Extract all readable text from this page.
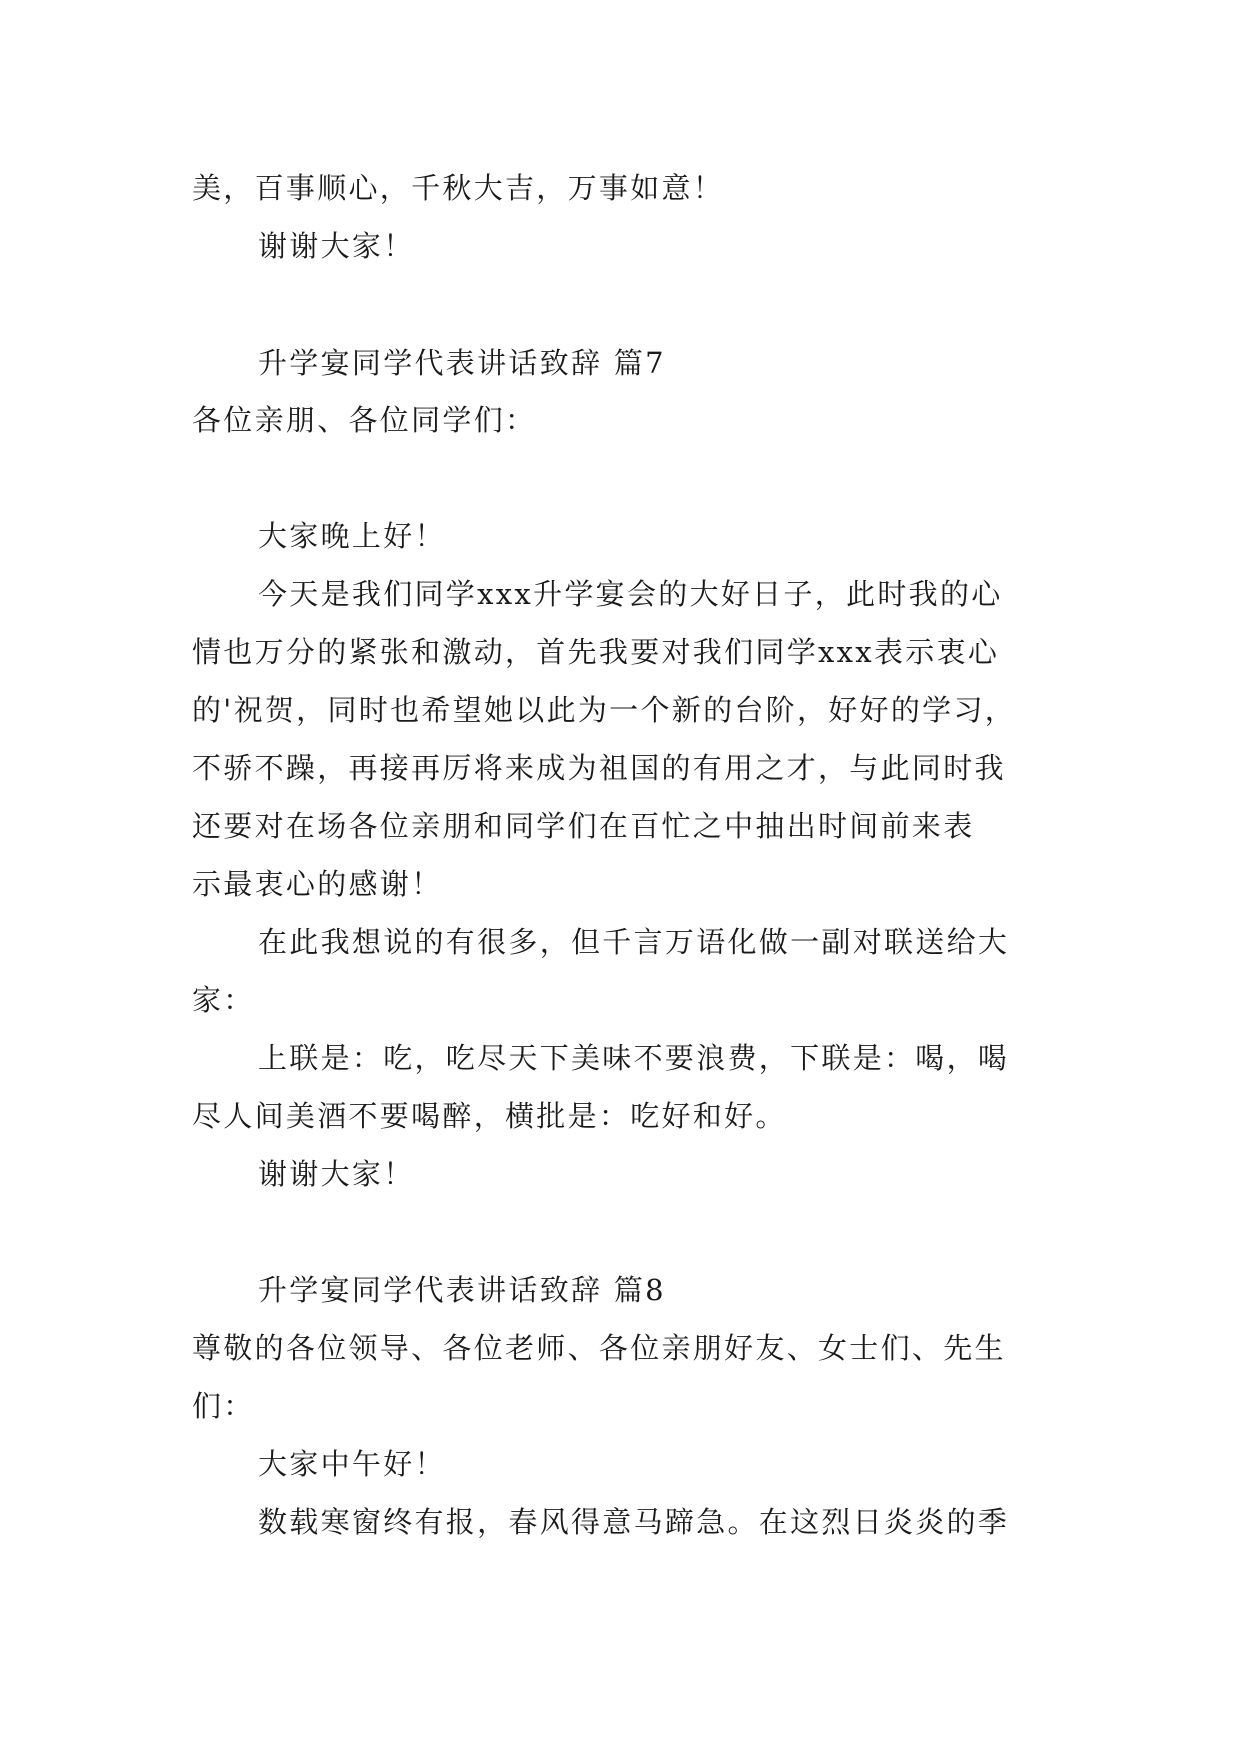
美，百事顺心，千秋大吉，万事如意！
谢谢大家！
升学宴同学代表讲话致辞 篇7
各位亲朋、各位同学们：
大家晚上好！
今天是我们同学xxx升学宴会的大好日子，此时我的心
情也万分的紧张和激动，首先我要对我们同学xxx表示衷心
的'祝贺，同时也希望她以此为一个新的台阶，好好的学习，
不骄不躁，再接再厉将来成为祖国的有用之才，与此同时我
还要对在场各位亲朋和同学们在百忙之中抽出时间前来表
示最衷心的感谢！
在此我想说的有很多，但千言万语化做一副对联送给大
家：
上联是：吃，吃尽天下美味不要浪费，下联是：喝，喝
尽人间美酒不要喝醉，横批是：吃好和好。
谢谢大家！
升学宴同学代表讲话致辞 篇8
尊敬的各位领导、各位老师、各位亲朋好友、女士们、先生
们：
大家中午好！
数载寒窗终有报，春风得意马蹄急。在这烈日炎炎的季
